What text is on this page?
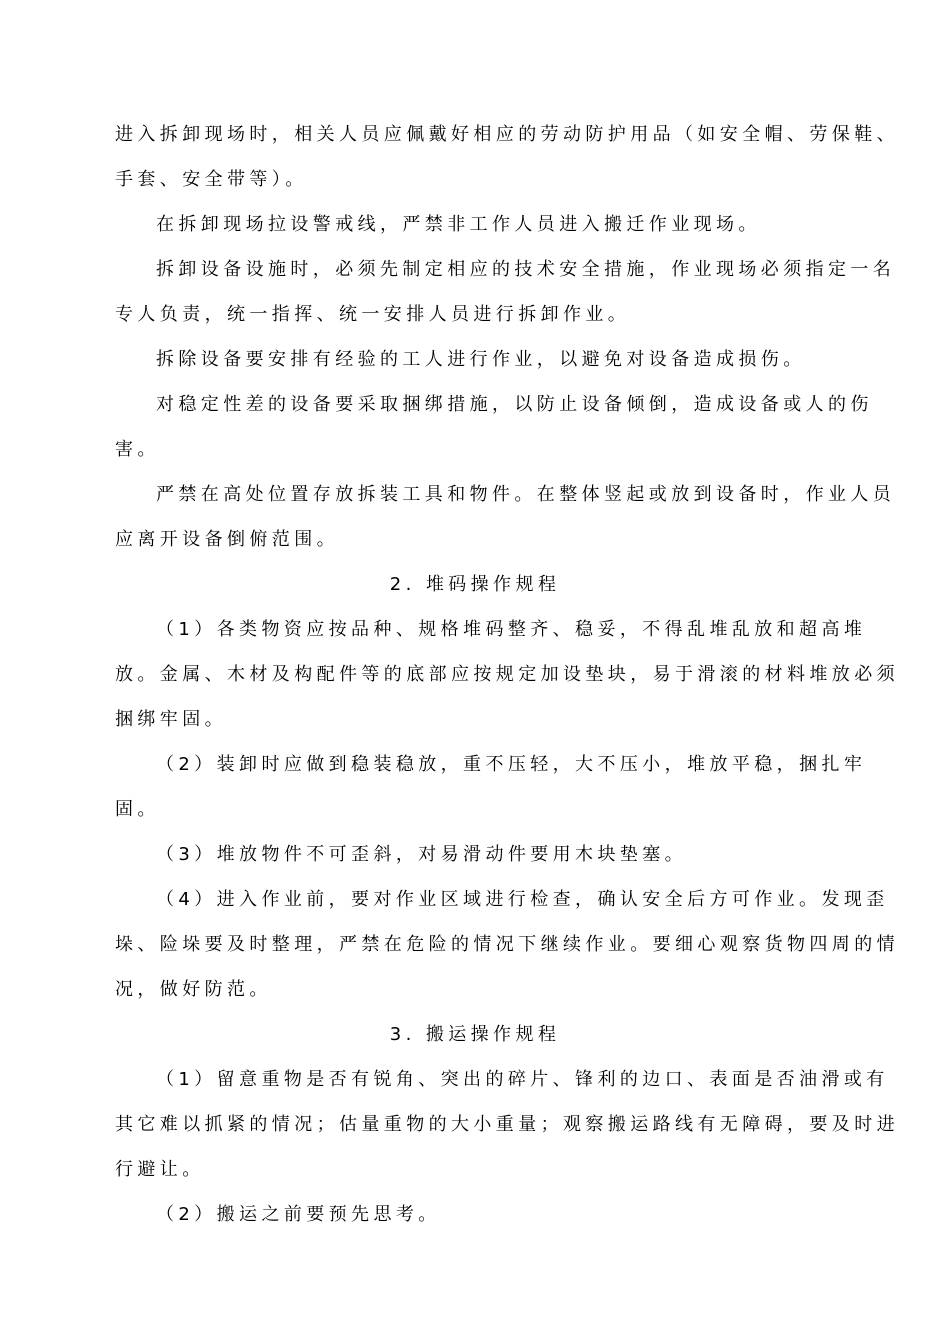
进入拆卸现场时，相关人员应佩戴好相应的劳动防护用品（如安全帽、劳保鞋、
手套、安全带等）。
在拆卸现场拉设警戒线，严禁非工作人员进入搬迁作业现场。
拆卸设备设施时，必须先制定相应的技术安全措施，作业现场必须指定一名
专人负责，统一指挥、统一安排人员进行拆卸作业。
拆除设备要安排有经验的工人进行作业，以避免对设备造成损伤。
对稳定性差的设备要采取捆绑措施，以防止设备倾倒，造成设备或人的伤
害。
严禁在高处位置存放拆装工具和物件。在整体竖起或放到设备时，作业人员
应离开设备倒俯范围。
2. 堆码操作规程
（1）各类物资应按品种、规格堆码整齐、稳妥，不得乱堆乱放和超高堆
放。金属、木材及构配件等的底部应按规定加设垫块，易于滑滚的材料堆放必须
捆绑牢固。
（2）装卸时应做到稳装稳放，重不压轻，大不压小，堆放平稳，捆扎牢
固。
（3）堆放物件不可歪斜，对易滑动件要用木块垫塞。
（4）进入作业前，要对作业区域进行检查，确认安全后方可作业。发现歪
垛、险垛要及时整理，严禁在危险的情况下继续作业。要细心观察货物四周的情
况，做好防范。
3. 搬运操作规程
（1）留意重物是否有锐角、突出的碎片、锋利的边口、表面是否油滑或有
其它难以抓紧的情况；估量重物的大小重量；观察搬运路线有无障碍，要及时进
行避让。
（2）搬运之前要预先思考。
